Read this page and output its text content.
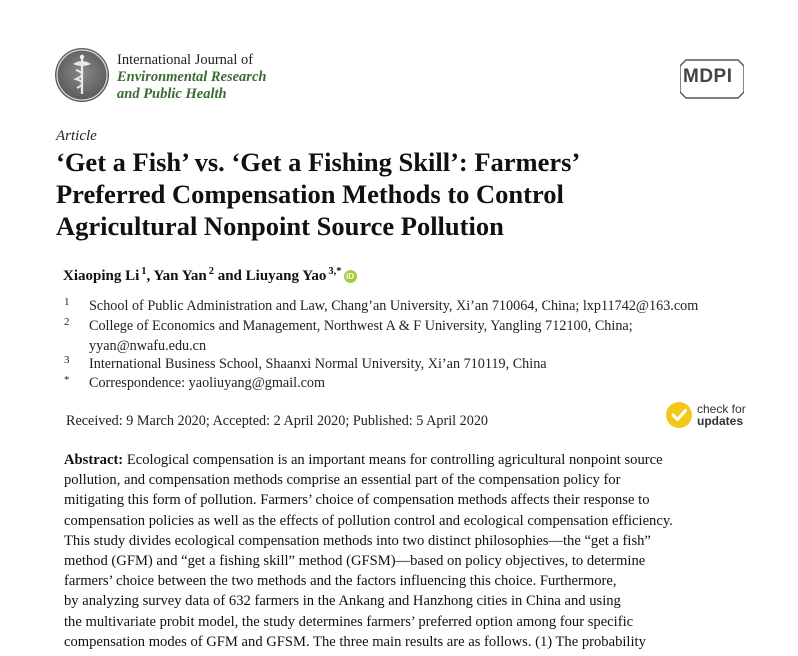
International Journal of
Environmental Research
and Public Health
MDPI
Article
‘Get a Fish’ vs. ‘Get a Fishing Skill’: Farmers’
Preferred Compensation Methods to Control
Agricultural Nonpoint Source Pollution
Xiaoping Li $^1$, Yan Yan $^2$ and Liuyang Yao $^{3,*}$ iD
1 School of Public Administration and Law, Chang’an University, Xi’an 710064, China; lxp11742@163.com
2 College of Economics and Management, Northwest A & F University, Yangling 712100, China;
yyan@nwafu.edu.cn
3 International Business School, Shaanxi Normal University, Xi’an 710119, China
* Correspondence: yaoliuyang@gmail.com
Received: 9 March 2020; Accepted: 2 April 2020; Published: 5 April 2020
check for
updates
Abstract: Ecological compensation is an important means for controlling agricultural nonpoint source
pollution, and compensation methods comprise an essential part of the compensation policy for
mitigating this form of pollution. Farmers’ choice of compensation methods affects their response to
compensation policies as well as the effects of pollution control and ecological compensation efficiency.
This study divides ecological compensation methods into two distinct philosophies—the “get a fish”
method (GFM) and “get a fishing skill” method (GFSM)—based on policy objectives, to determine
farmers’ choice between the two methods and the factors influencing this choice. Furthermore,
by analyzing survey data of 632 farmers in the Ankang and Hanzhong cities in China and using
the multivariate probit model, the study determines farmers’ preferred option among four specific
compensation modes of GFM and GFSM. The three main results are as follows. (1) The probability
